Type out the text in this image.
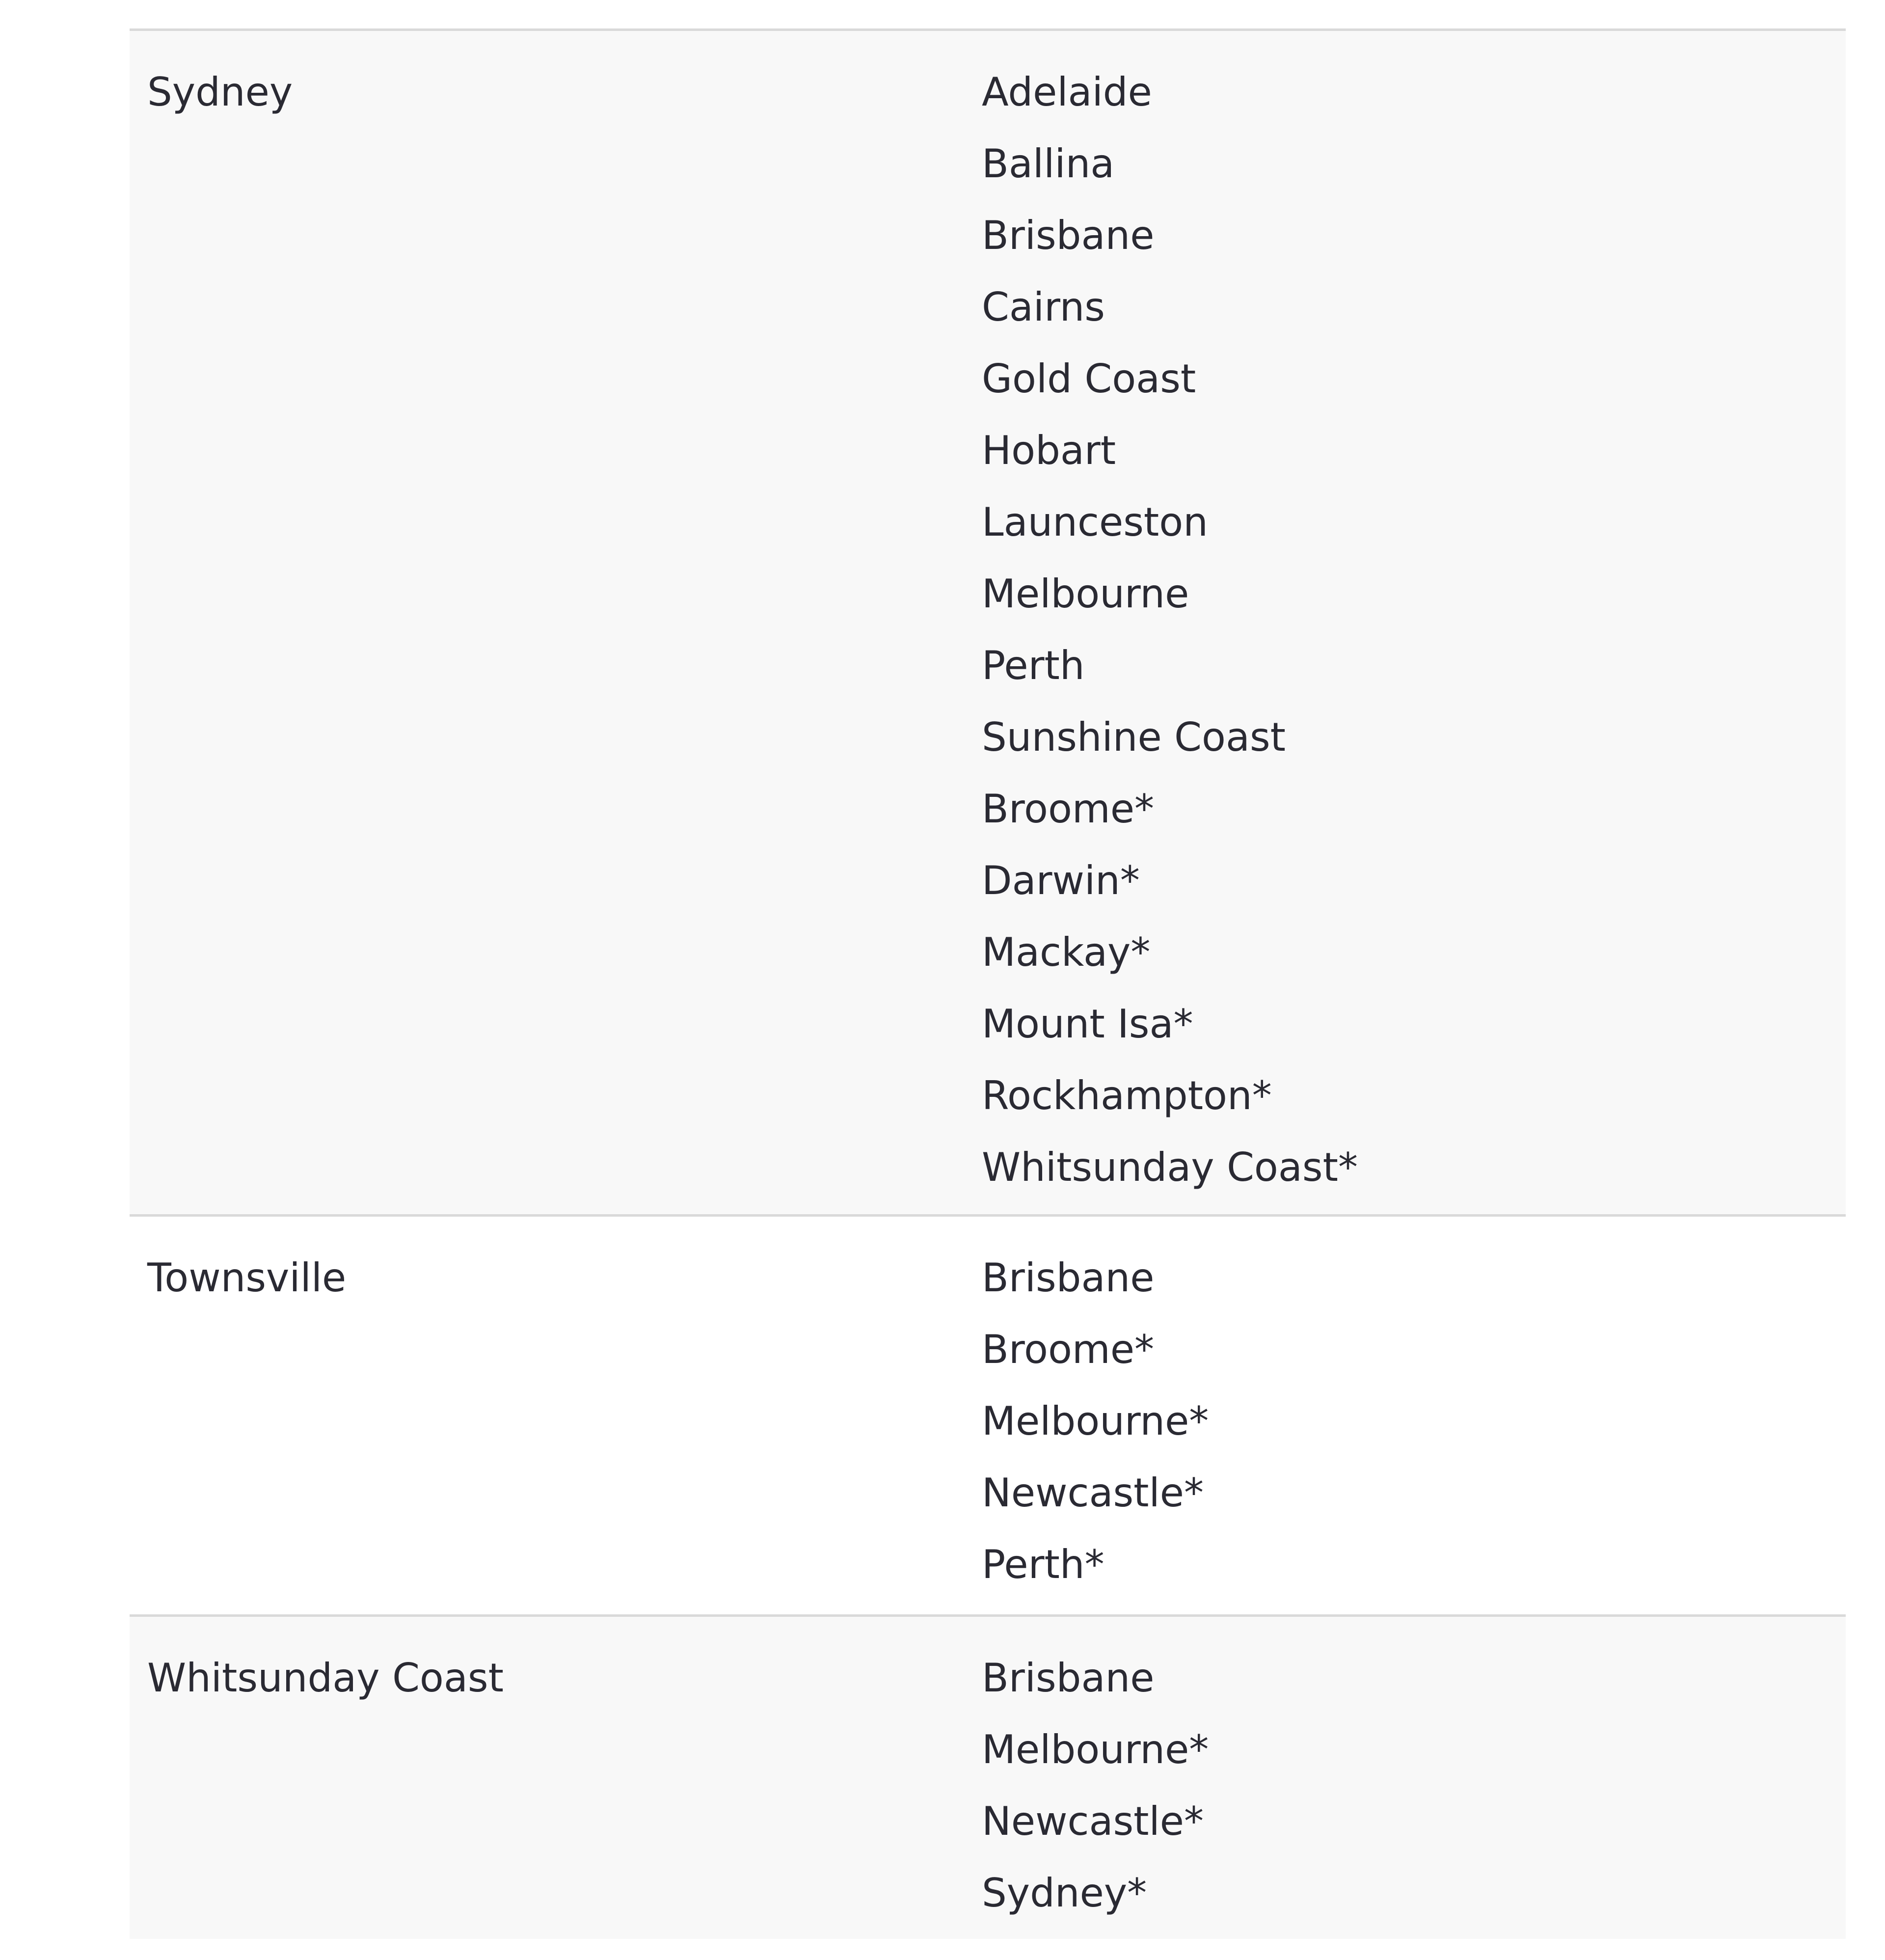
Sydney	Adelaide
Ballina
Brisbane
Cairns
Gold Coast
Hobart
Launceston
Melbourne
Perth
Sunshine Coast
Broome*
Darwin*
Mackay*
Mount Isa*
Rockhampton*
Whitsunday Coast*
Townsville	Brisbane
Broome*
Melbourne*
Newcastle*
Perth*
Whitsunday Coast	Brisbane
Melbourne*
Newcastle*
Sydney*
